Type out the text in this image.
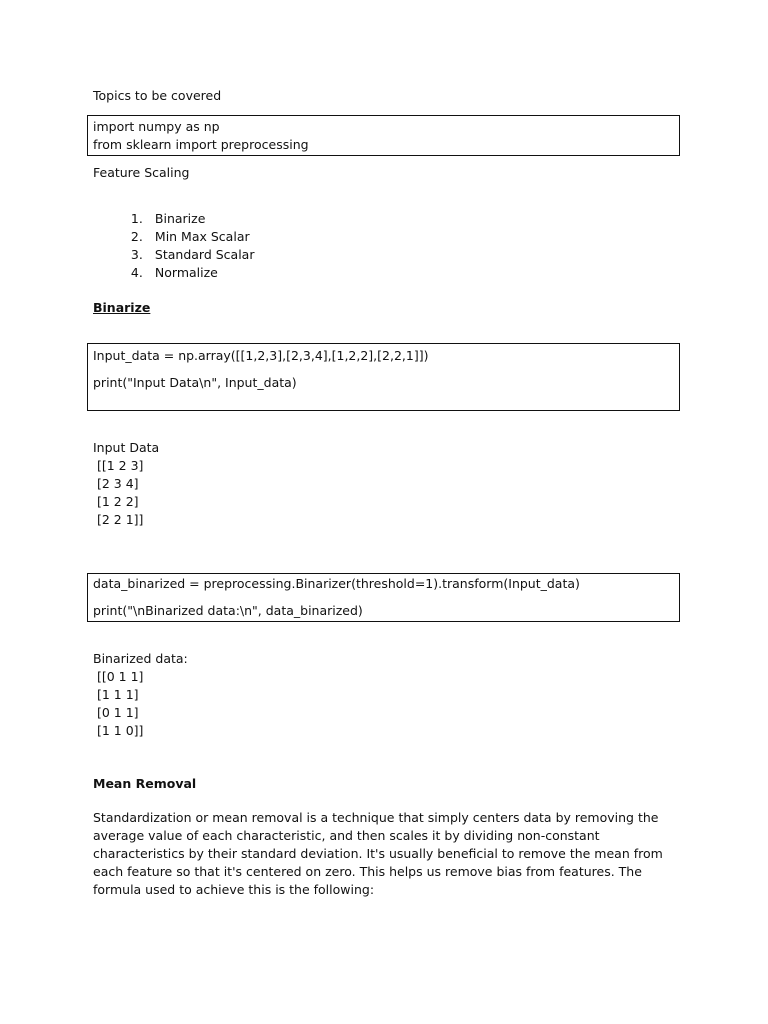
Topics to be covered
import numpy as np
from sklearn import preprocessing
Feature Scaling

1. Binarize

2. Min Max Scalar

3. Standard Scalar

4. Normalize

Binarize
Input_data = np.array([[1,2,3],[2,3,4],[1,2,2],[2,2,1]])
print("Input Data\n", Input_data)
Input Data
[[1 2 3]
[2 3 4]
[1 2 2]
[2 2 1]]
data_binarized = preprocessing.Binarizer(threshold=1).transform(Input_data)
print("\nBinarized data:\n", data_binarized)
Binarized data:
[[0 1 1]
[1 1 1]
[0 1 1]
[1 1 0]]
Mean Removal
Standardization or mean removal is a technique that simply centers data by removing the
average value of each characteristic, and then scales it by dividing non-constant
characteristics by their standard deviation. It's usually beneficial to remove the mean from
each feature so that it's centered on zero. This helps us remove bias from features. The
formula used to achieve this is the following:
